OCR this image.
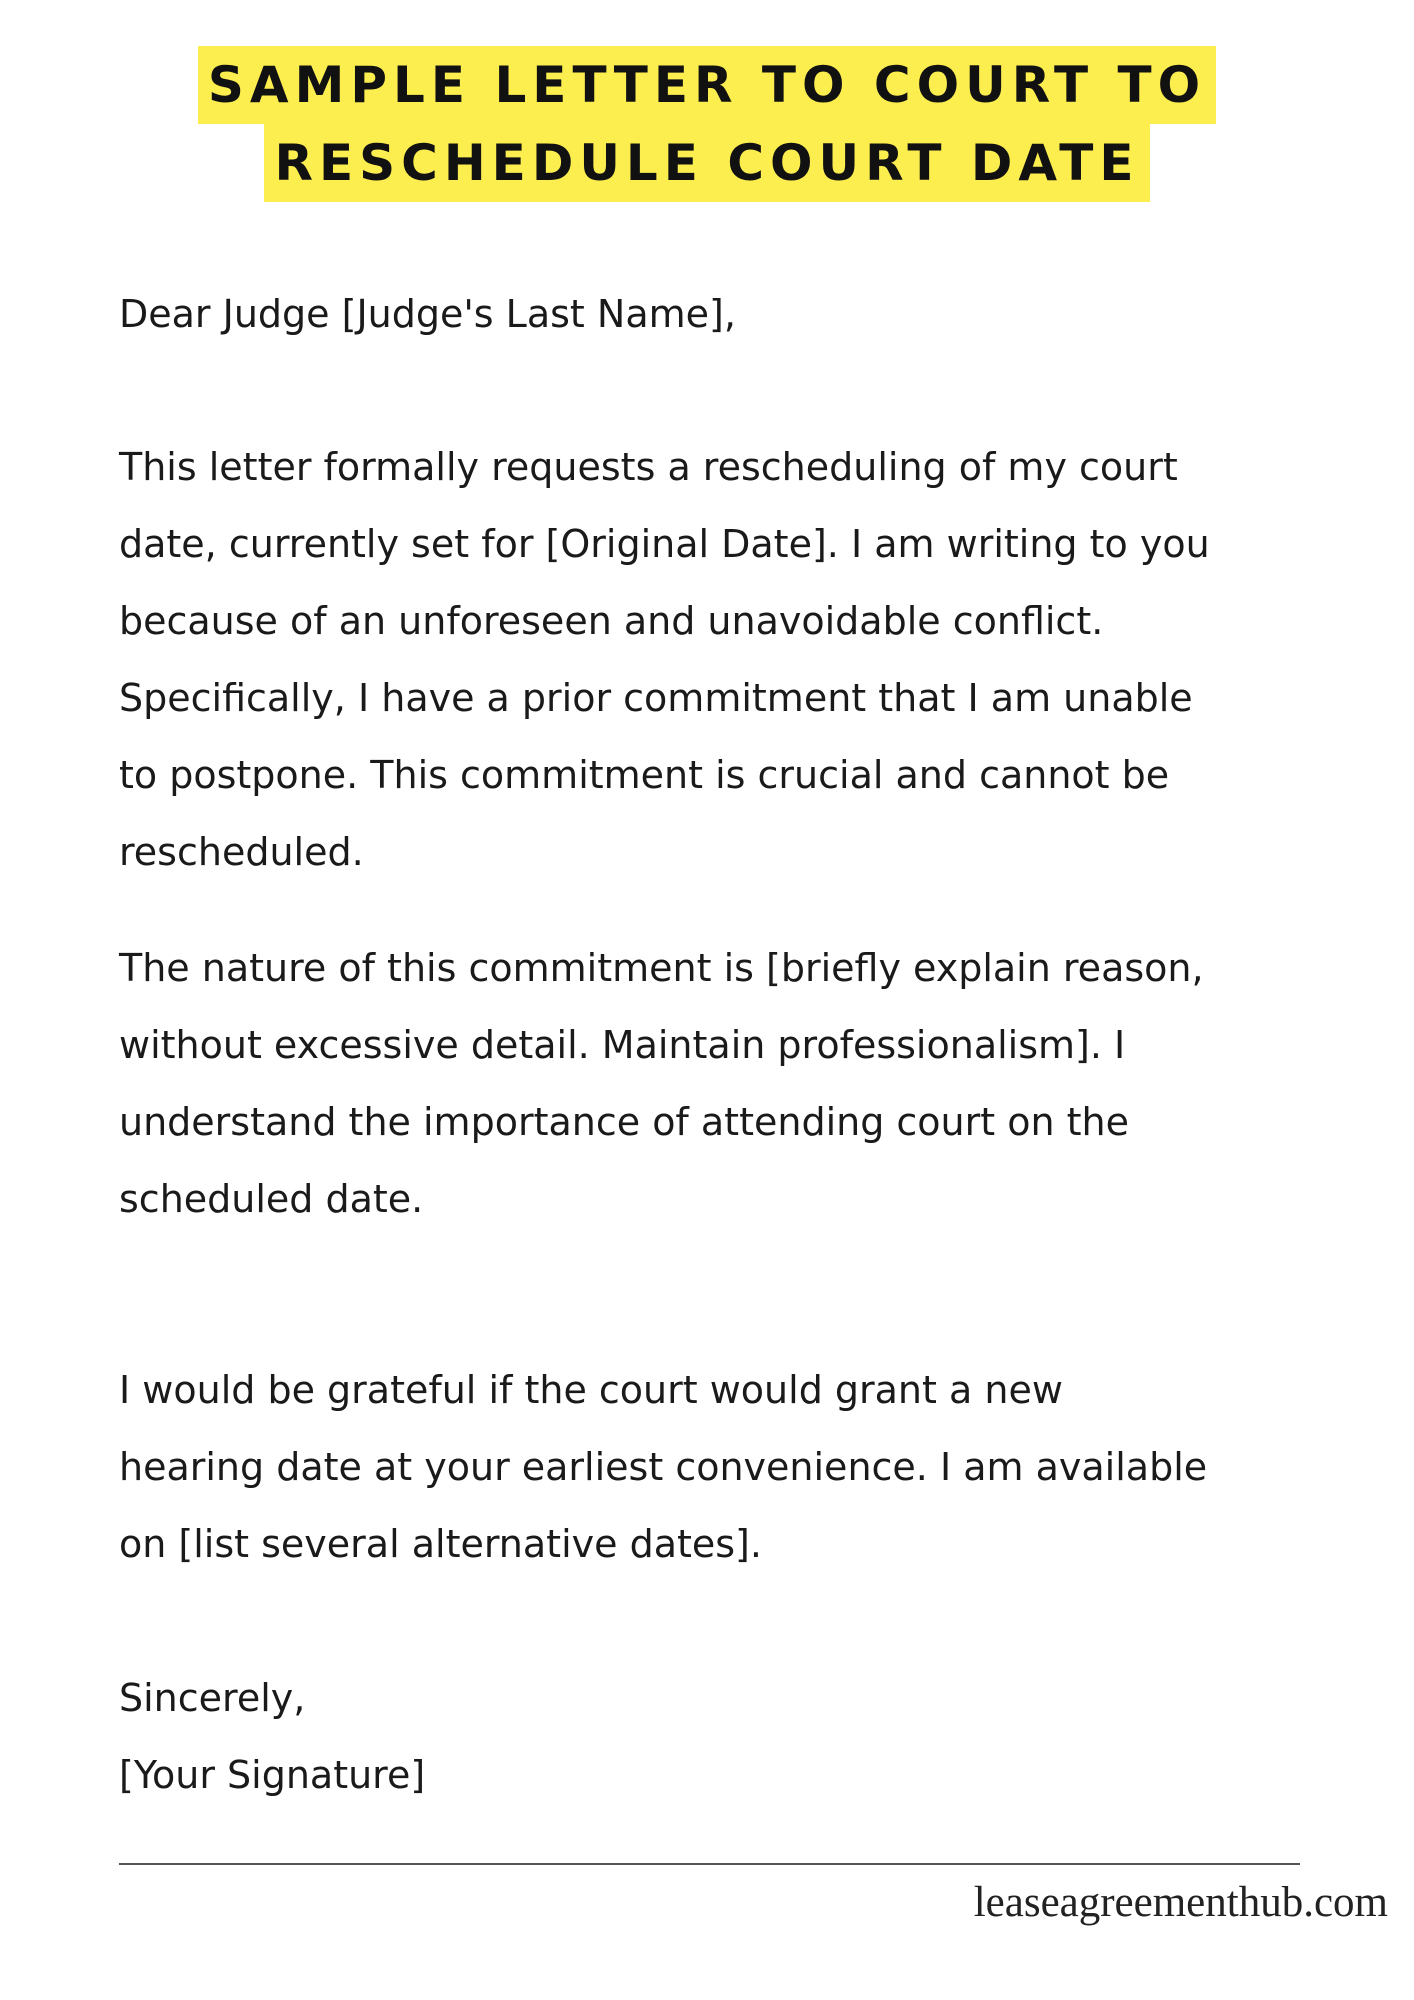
SAMPLE LETTER TO COURT TO
RESCHEDULE COURT DATE
Dear Judge [Judge's Last Name],
This letter formally requests a rescheduling of my court
date, currently set for [Original Date]. I am writing to you
because of an unforeseen and unavoidable conflict.
Specifically, I have a prior commitment that I am unable
to postpone. This commitment is crucial and cannot be
rescheduled.
The nature of this commitment is [briefly explain reason,
without excessive detail. Maintain professionalism]. I
understand the importance of attending court on the
scheduled date.
I would be grateful if the court would grant a new
hearing date at your earliest convenience. I am available
on [list several alternative dates].
Sincerely,
[Your Signature]
leaseagreementhub.com
